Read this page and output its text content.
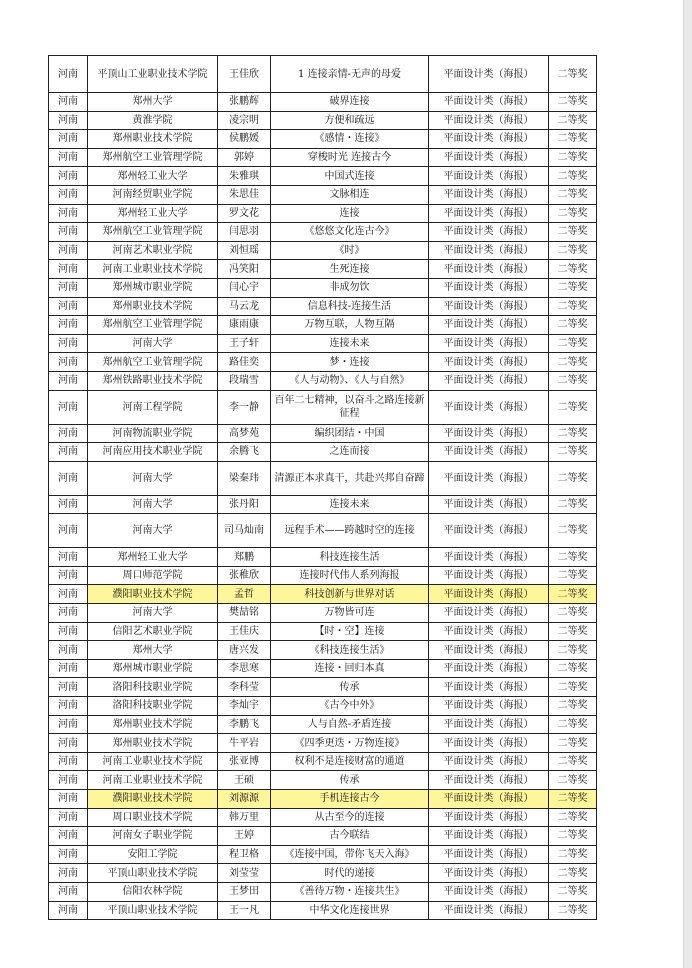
河南	平顶山工业职业技术学院	王佳欣	1 连接亲情-无声的母爱	平面设计类（海报）	二等奖
河南	郑州大学	张鹏辉	破界连接	平面设计类（海报）	二等奖
河南	黄淮学院	凌宗明	方便和疏远	平面设计类（海报）	二等奖
河南	郑州职业技术学院	侯鹏媛	《感情・连接》	平面设计类（海报）	二等奖
河南	郑州航空工业管理学院	郭婷	穿梭时光 连接古今	平面设计类（海报）	二等奖
河南	郑州轻工业大学	朱雅琪	中国式连接	平面设计类（海报）	二等奖
河南	河南经贸职业学院	朱思佳	文脉相连	平面设计类（海报）	二等奖
河南	郑州轻工业大学	罗文花	连接	平面设计类（海报）	二等奖
河南	郑州航空工业管理学院	闫思羽	《悠悠文化连古今》	平面设计类（海报）	二等奖
河南	河南艺术职业学院	刘恒瑶	《时》	平面设计类（海报）	二等奖
河南	河南工业职业技术学院	冯笑阳	生死连接	平面设计类（海报）	二等奖
河南	郑州城市职业学院	闫心宇	非成勿饮	平面设计类（海报）	二等奖
河南	郑州职业技术学院	马云龙	信息科技-连接生活	平面设计类（海报）	二等奖
河南	郑州航空工业管理学院	康雨康	万物互联，人物互隔	平面设计类（海报）	二等奖
河南	河南大学	王子轩	连接未来	平面设计类（海报）	二等奖
河南	郑州航空工业管理学院	路佳奕	梦・连接	平面设计类（海报）	二等奖
河南	郑州铁路职业技术学院	段瑞雪	《人与动物》、《人与自然》	平面设计类（海报）	二等奖
河南	河南工程学院	李一静	百年二七精神，以奋斗之路连接新征程	平面设计类（海报）	二等奖
河南	河南物流职业学院	高梦苑	编织团结・中国	平面设计类（海报）	二等奖
河南	河南应用技术职业学院	余腾飞	之连而接	平面设计类（海报）	二等奖
河南	河南大学	梁秦玮	清源正本求真干，共赴兴邦自奋蹄	平面设计类（海报）	二等奖
河南	河南大学	张丹阳	连接未来	平面设计类（海报）	二等奖
河南	河南大学	司马灿南	远程手术——跨越时空的连接	平面设计类（海报）	二等奖
河南	郑州轻工业大学	郑鹏	科技连接生活	平面设计类（海报）	二等奖
河南	周口师范学院	张稚欣	连接时代伟人系列海报	平面设计类（海报）	二等奖
河南	濮阳职业技术学院	孟哲	科技创新与世界对话	平面设计类（海报）	二等奖
河南	河南大学	樊喆铭	万物皆可连	平面设计类（海报）	二等奖
河南	信阳艺术职业学院	王佳庆	【时・空】连接	平面设计类（海报）	二等奖
河南	郑州大学	唐兴发	《科技连接生活》	平面设计类（海报）	二等奖
河南	郑州城市职业学院	李思寒	连接・回归本真	平面设计类（海报）	二等奖
河南	洛阳科技职业学院	李科莹	传承	平面设计类（海报）	二等奖
河南	洛阳科技职业学院	李灿宇	《古今中外》	平面设计类（海报）	二等奖
河南	郑州职业技术学院	李鹏飞	人与自然-矛盾连接	平面设计类（海报）	二等奖
河南	郑州职业技术学院	牛平岩	《四季更迭・万物连接》	平面设计类（海报）	二等奖
河南	河南工业职业技术学院	张亚博	权利不是连接财富的通道	平面设计类（海报）	二等奖
河南	河南工业职业技术学院	王硕	传承	平面设计类（海报）	二等奖
河南	濮阳职业技术学院	刘源源	手机连接古今	平面设计类（海报）	二等奖
河南	周口职业技术学院	韩万里	从古至今的连接	平面设计类（海报）	二等奖
河南	河南女子职业学院	王婷	古今联结	平面设计类（海报）	二等奖
河南	安阳工学院	程卫格	《连接中国，带你飞天入海》	平面设计类（海报）	二等奖
河南	平顶山职业技术学院	刘莹莹	时代的递接	平面设计类（海报）	二等奖
河南	信阳农林学院	王梦田	《善待万物・连接共生》	平面设计类（海报）	二等奖
河南	平顶山职业技术学院	王一凡	中华文化连接世界	平面设计类（海报）	二等奖
